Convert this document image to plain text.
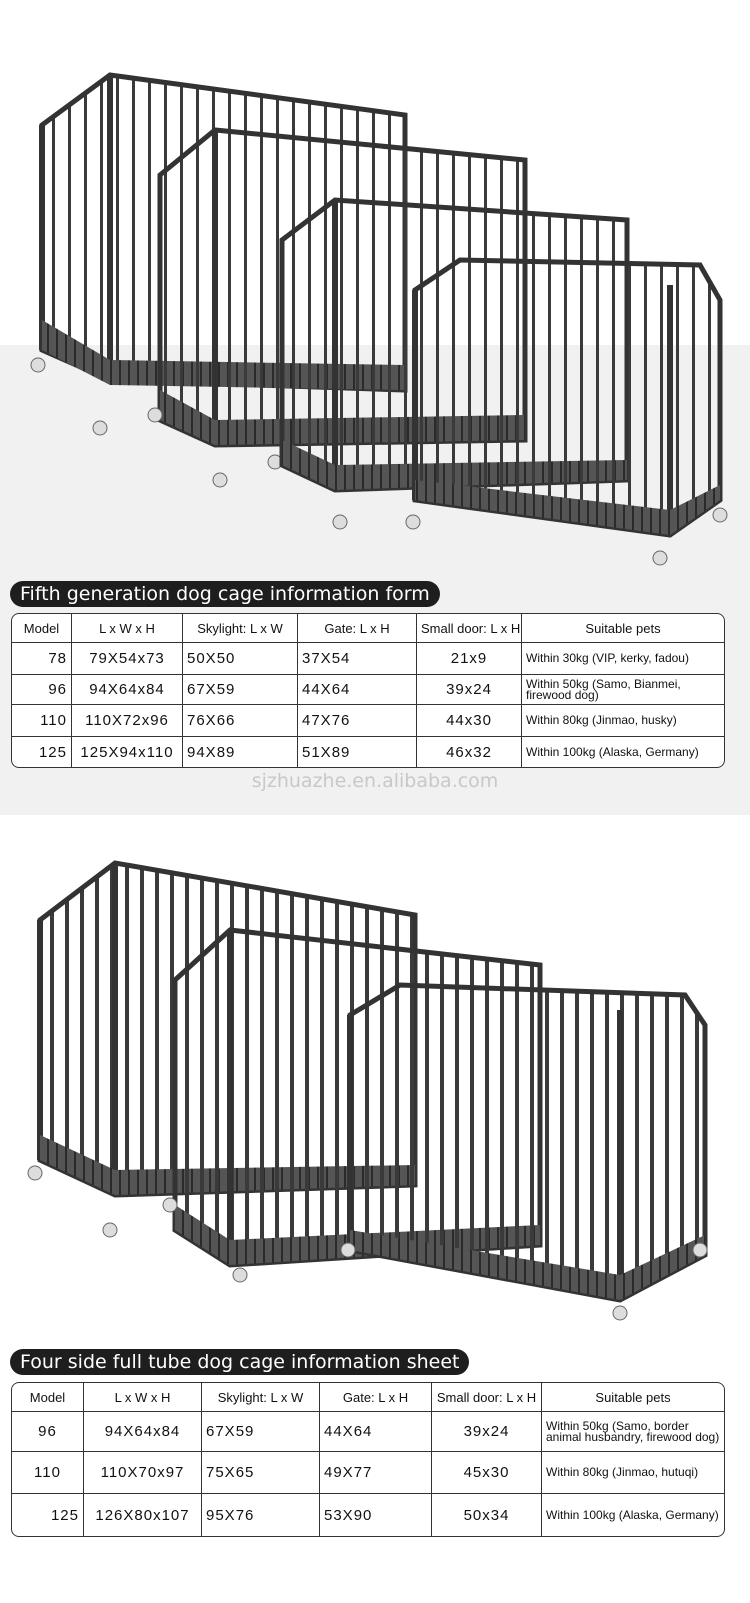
Fifth generation dog cage information form
Model	L x W x H	Skylight: L x W	Gate: L x H	Small door: L x H	Suitable pets
78	79X54x73	50X50	37X54	21x9	Within 30kg (VIP, kerky, fadou)
96	94X64x84	67X59	44X64	39x24	Within 50kg (Samo, Bianmei, firewood dog)
110	110X72x96	76X66	47X76	44x30	Within 80kg (Jinmao, husky)
125	125X94x110	94X89	51X89	46x32	Within 100kg (Alaska, Germany)
sjzhuazhe.en.alibaba.com
Four side full tube dog cage information sheet
Model	L x W x H	Skylight: L x W	Gate: L x H	Small door: L x H	Suitable pets
96	94X64x84	67X59	44X64	39x24	Within 50kg (Samo, border animal husbandry, firewood dog)
110	110X70x97	75X65	49X77	45x30	Within 80kg (Jinmao, hutuqi)
125	126X80x107	95X76	53X90	50x34	Within 100kg (Alaska, Germany)
